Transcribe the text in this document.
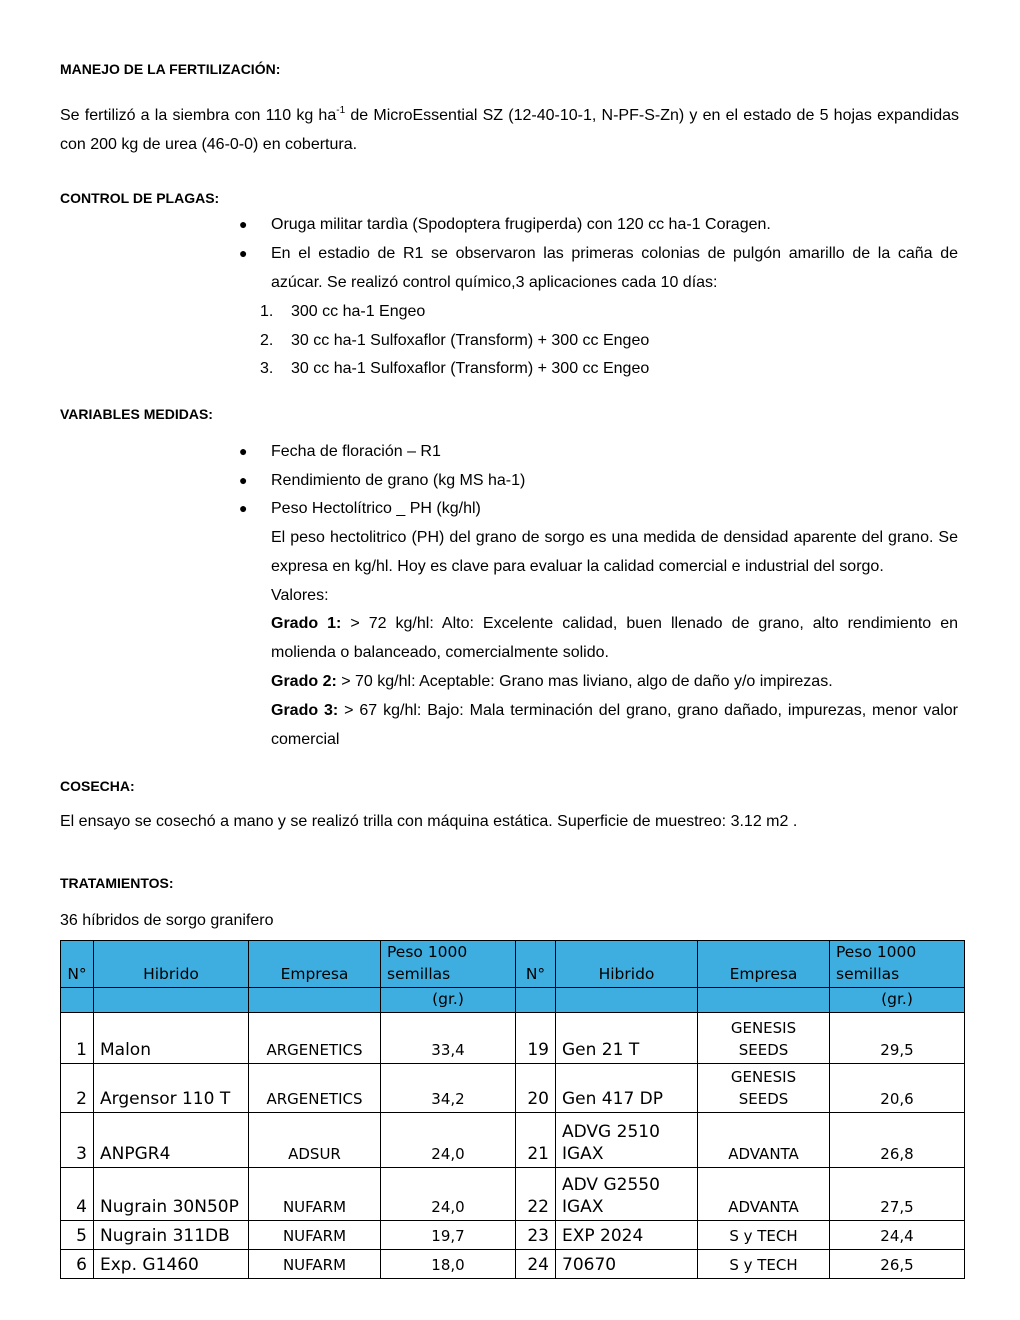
MANEJO DE LA FERTILIZACIÓN:

Se fertilizó a la siembra con 110 kg $ha^{-1}$ de MicroEssential SZ (12-40-10-1, N-PF-S-Zn) y en el estado de 5 hojas expandidas con 200 kg de urea (46-0-0) en cobertura.

CONTROL DE PLAGAS:

● Oruga militar tardìa (Spodoptera frugiperda) con 120 cc ha-1 Coragen.

● En el estadio de R1 se observaron las primeras colonias de pulgón amarillo de la caña de azúcar. Se realizó control químico,3 aplicaciones cada 10 días:

1. 300 cc ha-1 Engeo

2. 30 cc ha-1 Sulfoxaflor (Transform) + 300 cc Engeo

3. 30 cc ha-1 Sulfoxaflor (Transform) + 300 cc Engeo

VARIABLES MEDIDAS:

● Fecha de floración – R1

● Rendimiento de grano (kg MS ha-1)

● Peso Hectolítrico _ PH (kg/hl)

El peso hectolitrico (PH) del grano de sorgo es una medida de densidad aparente del grano. Se expresa en kg/hl. Hoy es clave para evaluar la calidad comercial e industrial del sorgo.

Valores:

Grado 1: > 72 kg/hl: Alto: Excelente calidad, buen llenado de grano, alto rendimiento en molienda o balanceado, comercialmente solido.

Grado 2: > 70 kg/hl: Aceptable: Grano mas liviano, algo de daño y/o impirezas.

Grado 3: > 67 kg/hl: Bajo: Mala terminación del grano, grano dañado, impurezas, menor valor comercial

COSECHA:

El ensayo se cosechó a mano y se realizó trilla con máquina estática. Superficie de muestreo: 3.12 m2 .

TRATAMIENTOS:

36 híbridos de sorgo granifero

N°	Hibrido	Empresa	Peso 1000 semillas	N°	Hibrido	Empresa	Peso 1000 semillas
			(gr.)				(gr.)
1	Malon	ARGENETICS	33,4	19	Gen 21 T	GENESIS SEEDS	29,5
2	Argensor 110 T	ARGENETICS	34,2	20	Gen 417 DP	GENESIS SEEDS	20,6
3	ANPGR4	ADSUR	24,0	21	ADVG 2510 IGAX	ADVANTA	26,8
4	Nugrain 30N50P	NUFARM	24,0	22	ADV G2550 IGAX	ADVANTA	27,5
5	Nugrain 311DB	NUFARM	19,7	23	EXP 2024	S y TECH	24,4
6	Exp. G1460	NUFARM	18,0	24	70670	S y TECH	26,5
